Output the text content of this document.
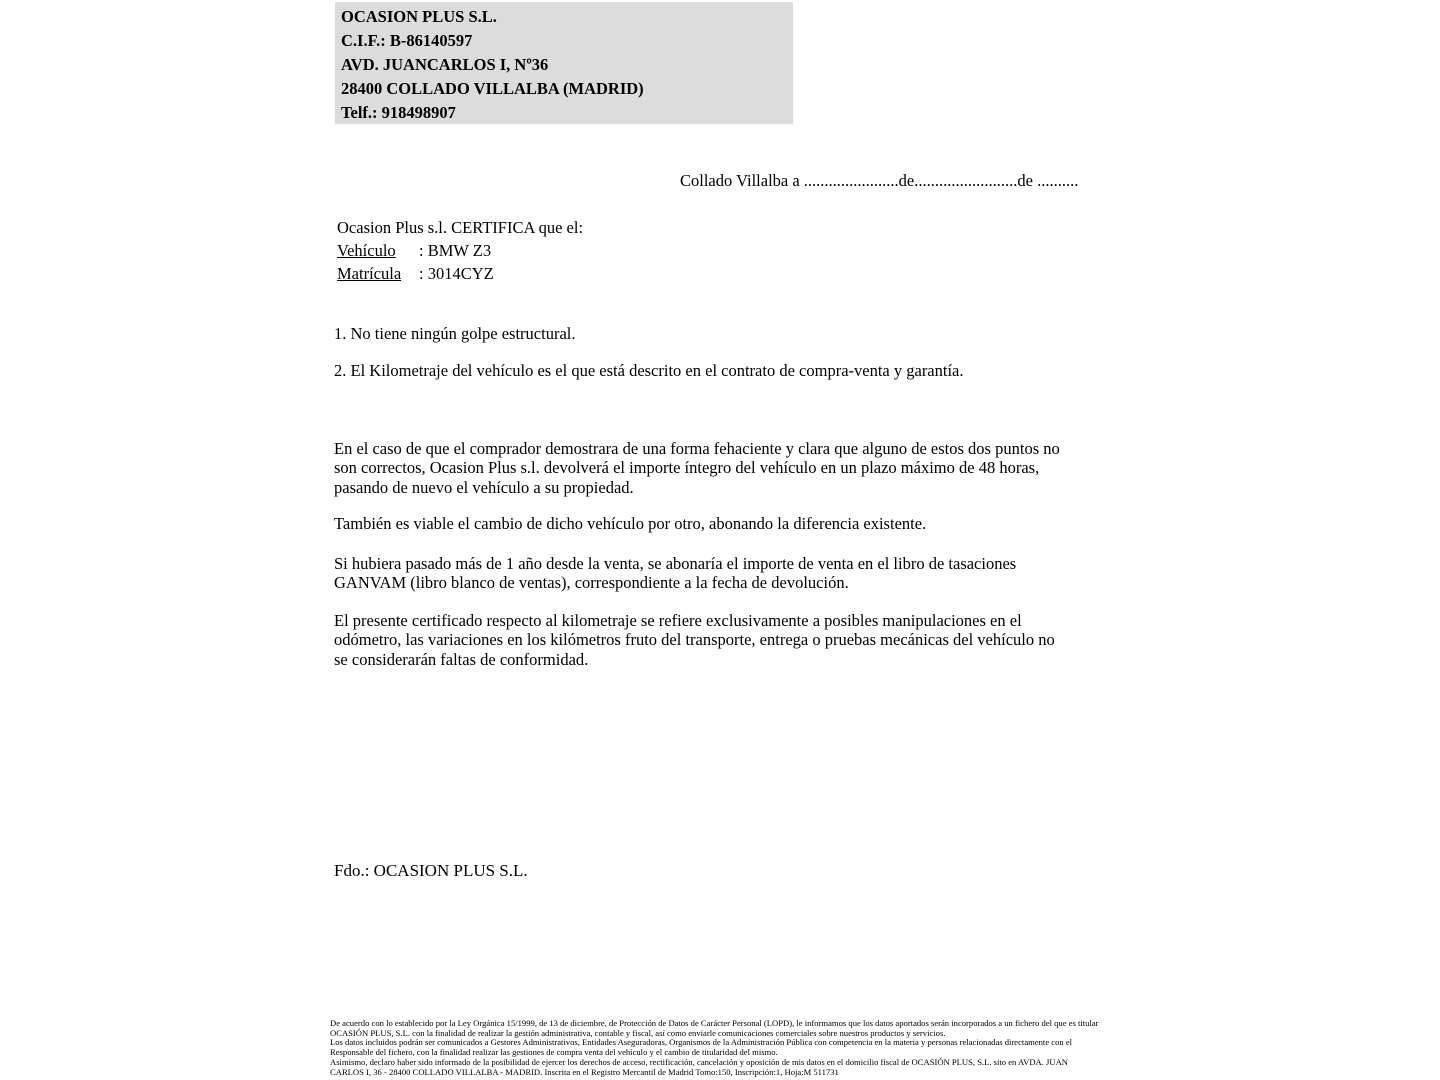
OCASION PLUS S.L.
C.I.F.: B-86140597
AVD. JUANCARLOS I, Nº36
28400 COLLADO VILLALBA (MADRID)
Telf.: 918498907
Collado Villalba a .......................de.........................de ..........
Ocasion Plus s.l. CERTIFICA que el:
Vehículo	: BMW Z3
Matrícula	: 3014CYZ
1. No tiene ningún golpe estructural.
2. El Kilometraje del vehículo es el que está descrito en el contrato de compra-venta y garantía.
En el caso de que el comprador demostrara de una forma fehaciente y clara que alguno de estos dos puntos no
son correctos, Ocasion Plus s.l. devolverá el importe íntegro del vehículo en un plazo máximo de 48 horas,
pasando de nuevo el vehículo a su propiedad.
También es viable el cambio de dicho vehículo por otro, abonando la diferencia existente.
Si hubiera pasado más de 1 año desde la venta, se abonaría el importe de venta en el libro de tasaciones
GANVAM (libro blanco de ventas), correspondiente a la fecha de devolución.
El presente certificado respecto al kilometraje se refiere exclusivamente a posibles manipulaciones en el
odómetro, las variaciones en los kilómetros fruto del transporte, entrega o pruebas mecánicas del vehículo no
se considerarán faltas de conformidad.
Fdo.: OCASION PLUS S.L.
De acuerdo con lo establecido por la Ley Orgánica 15/1999, de 13 de diciembre, de Protección de Datos de Carácter Personal (LOPD), le informamos que los datos aportados serán incorporados a un fichero del que es titular
OCASIÓN PLUS, S.L. con la finalidad de realizar la gestión administrativa, contable y fiscal, así como enviarle comunicaciones comerciales sobre nuestros productos y servicios.
Los datos incluidos podrán ser comunicados a Gestores Administrativos, Entidades Aseguradoras, Organismos de la Administración Pública con competencia en la materia y personas relacionadas directamente con el
Responsable del fichero, con la finalidad realizar las gestiones de compra venta del vehículo y el cambio de titularidad del mismo.
Asimismo, declaro haber sido informado de la posibilidad de ejercer los derechos de acceso, rectificación, cancelación y oposición de mis datos en el domicilio fiscal de OCASIÓN PLUS, S.L. sito en AVDA. JUAN
CARLOS I, 36 - 28400 COLLADO VILLALBA - MADRID. Inscrita en el Registro Mercantil de Madrid Tomo:150, Inscripción:1, Hoja:M 511731
